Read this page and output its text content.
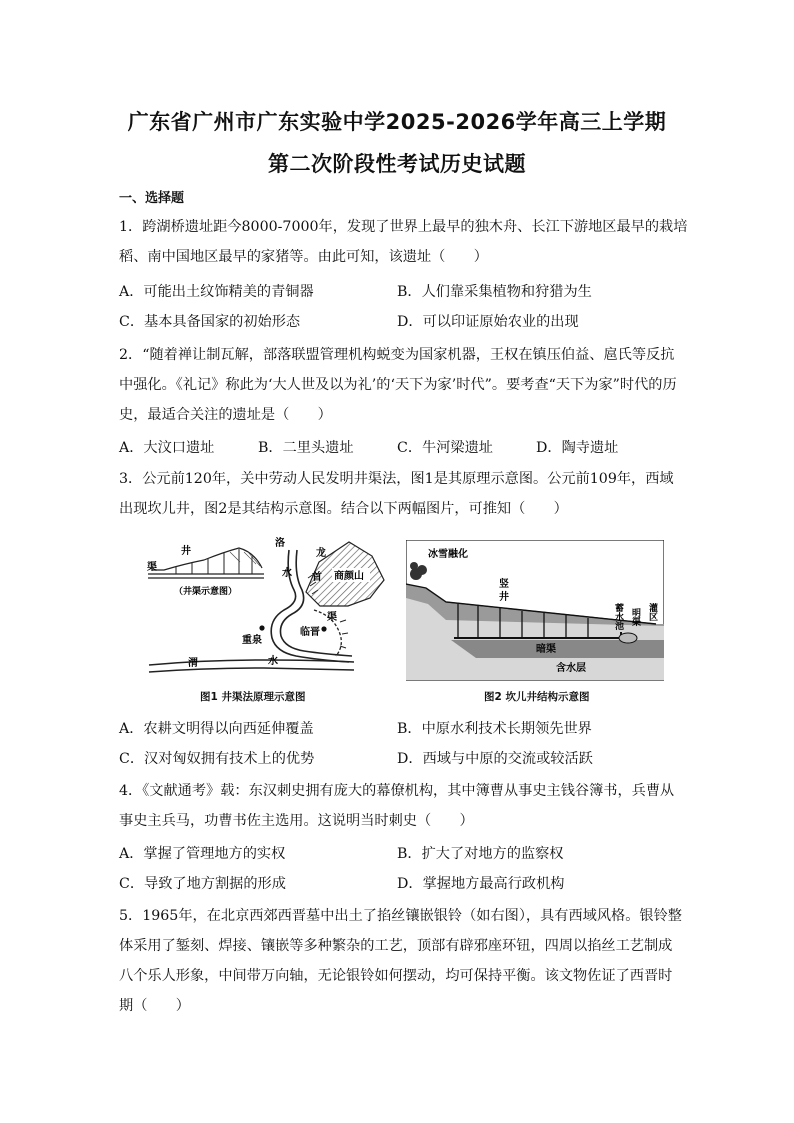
广东省广州市广东实验中学2025-2026学年高三上学期
第二次阶段性考试历史试题
一、选择题
1．跨湖桥遗址距今8000-7000年，发现了世界上最早的独木舟、长江下游地区最早的栽培
稻、南中国地区最早的家猪等。由此可知，该遗址（　　）
A．可能出土纹饰精美的青铜器	B．人们靠采集植物和狩猎为生
C．基本具备国家的初始形态	D．可以印证原始农业的出现
2．“随着禅让制瓦解，部落联盟管理机构蜕变为国家机器，王权在镇压伯益、扈氏等反抗
中强化。《礼记》称此为‘大人世及以为礼’的‘天下为家’时代”。要考查“天下为家”时代的历
史，最适合关注的遗址是（　　）
A．大汶口遗址	B．二里头遗址	C．牛河梁遗址	D．陶寺遗址
3．公元前120年，关中劳动人民发明井渠法，图1是其原理示意图。公元前109年，西域
出现坎儿井，图2是其结构示意图。结合以下两幅图片，可推知（　　）
井
渠
（井渠示意图）
商颜山
洛
水
龙
首
渠
重泉
临晋
渭	水
图1 井渠法原理示意图
冰雪融化
竖
井
蓄水池 明渠 灌区
暗渠
含水层
图2 坎儿井结构示意图
A．农耕文明得以向西延伸覆盖	B．中原水利技术长期领先世界
C．汉对匈奴拥有技术上的优势	D．西域与中原的交流或较活跃
4．《文献通考》载：东汉刺史拥有庞大的幕僚机构，其中簿曹从事史主钱谷簿书，兵曹从
事史主兵马，功曹书佐主选用。这说明当时刺史（　　）
A．掌握了管理地方的实权	B．扩大了对地方的监察权
C．导致了地方割据的形成	D．掌握地方最高行政机构
5．1965年，在北京西郊西晋墓中出土了掐丝镶嵌银铃（如右图），具有西域风格。银铃整
体采用了錾刻、焊接、镶嵌等多种繁杂的工艺，顶部有辟邪座环钮，四周以掐丝工艺制成
八个乐人形象，中间带万向轴，无论银铃如何摆动，均可保持平衡。该文物佐证了西晋时
期（　　）
